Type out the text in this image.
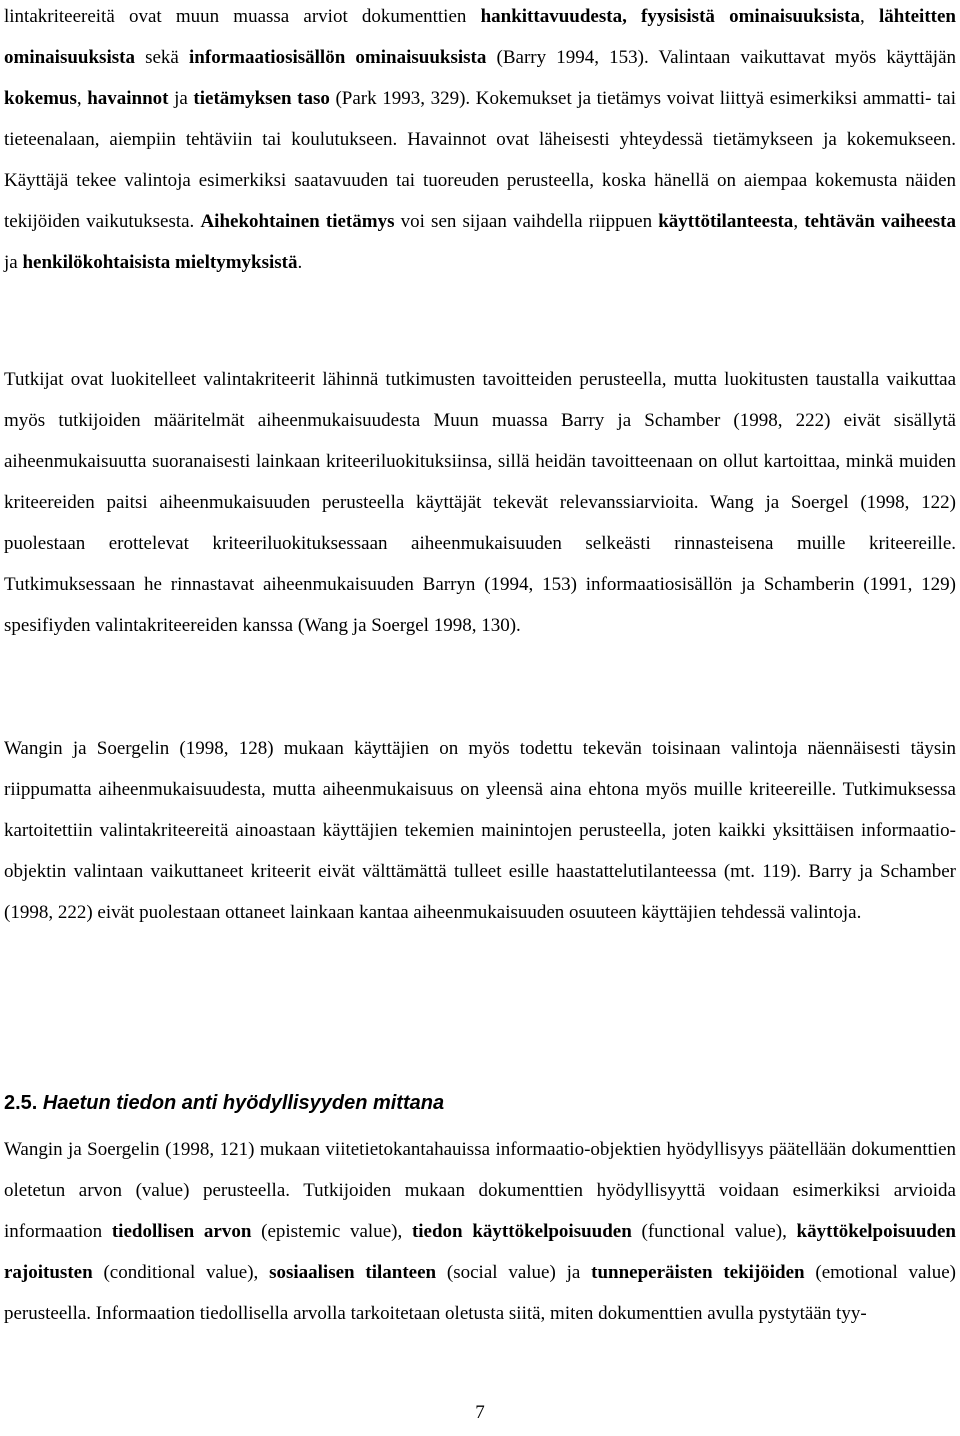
lintakriteereitä ovat muun muassa arviot dokumenttien hankittavuudesta, fyysisistä ominaisuuksista, lähteitten ominaisuuksista sekä informaatiosisällön ominaisuuksista (Barry 1994, 153). Valintaan vaikuttavat myös käyttäjän kokemus, havainnot ja tietämyksen taso (Park 1993, 329). Kokemukset ja tietämys voivat liittyä esimerkiksi ammatti- tai tieteenalaan, aiempiin tehtäviin tai koulutukseen. Havainnot ovat läheisesti yhteydessä tietämykseen ja kokemukseen. Käyttäjä tekee valintoja esimerkiksi saatavuuden tai tuoreuden perusteella, koska hänellä on aiempaa kokemusta näiden tekijöiden vaikutuksesta. Aihekohtainen tietämys voi sen sijaan vaihdella riippuen käyttötilanteesta, tehtävän vaiheesta ja henkilökohtaisista mieltymyksistä.

Tutkijat ovat luokitelleet valintakriteerit lähinnä tutkimusten tavoitteiden perusteella, mutta luokitusten taustalla vaikuttaa myös tutkijoiden määritelmät aiheenmukaisuudesta Muun muassa Barry ja Schamber (1998, 222) eivät sisällytä aiheenmukaisuutta suoranaisesti lainkaan kriteeriluokituksiinsa, sillä heidän tavoitteenaan on ollut kartoittaa, minkä muiden kriteereiden paitsi aiheenmukaisuuden perusteella käyttäjät tekevät relevanssiarvioita. Wang ja Soergel (1998, 122) puolestaan erottelevat kriteeriluokituksessaan aiheenmukaisuuden selkeästi rinnasteisena muille kriteereille. Tutkimuksessaan he rinnastavat aiheenmukaisuuden Barryn (1994, 153) informaatiosisällön ja Schamberin (1991, 129) spesifiyden valintakriteereiden kanssa (Wang ja Soergel 1998, 130).

Wangin ja Soergelin (1998, 128) mukaan käyttäjien on myös todettu tekevän toisinaan valintoja näennäisesti täysin riippumatta aiheenmukaisuudesta, mutta aiheenmukaisuus on yleensä aina ehtona myös muille kriteereille. Tutkimuksessa kartoitettiin valintakriteereitä ainoastaan käyttäjien tekemien mainintojen perusteella, joten kaikki yksittäisen informaatio-objektin valintaan vaikuttaneet kriteerit eivät välttämättä tulleet esille haastattelutilanteessa (mt. 119). Barry ja Schamber (1998, 222) eivät puolestaan ottaneet lainkaan kantaa aiheenmukaisuuden osuuteen käyttäjien tehdessä valintoja.

2.5. Haetun tiedon anti hyödyllisyyden mittana

Wangin ja Soergelin (1998, 121) mukaan viitetietokantahauissa informaatio-objektien hyödyllisyys päätellään dokumenttien oletetun arvon (value) perusteella. Tutkijoiden mukaan dokumenttien hyödyllisyyttä voidaan esimerkiksi arvioida informaation tiedollisen arvon (epistemic value), tiedon käyttökelpoisuuden (functional value), käyttökelpoisuuden rajoitusten (conditional value), sosiaalisen tilanteen (social value) ja tunneperäisten tekijöiden (emotional value) perusteella. Informaation tiedollisella arvolla tarkoitetaan oletusta siitä, miten dokumenttien avulla pystytään tyy-

7
